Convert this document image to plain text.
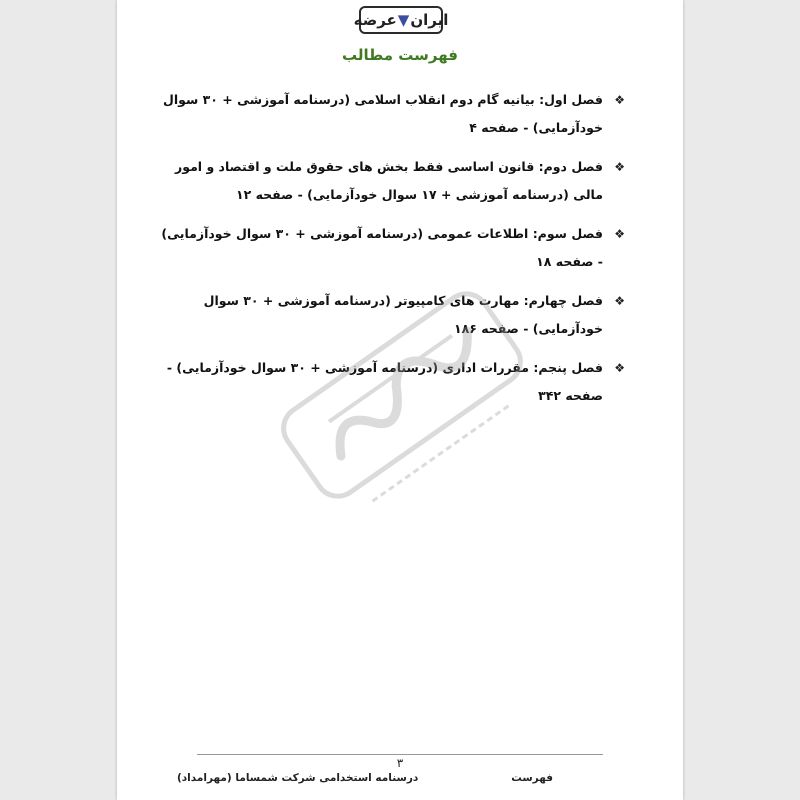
ایران
▼
عرضه
فهرست مطالب
❖
فصل اول: بیانیه گام دوم انقلاب اسلامی (درسنامه آموزشی + ۳۰ سوال خودآزمایی) - صفحه ۴
❖
فصل دوم: قانون اساسی فقط بخش های حقوق ملت و اقتصاد و امور مالی (درسنامه آموزشی + ۱۷ سوال خودآزمایی) - صفحه ۱۲
❖
فصل سوم: اطلاعات عمومی (درسنامه آموزشی + ۳۰ سوال خودآزمایی) - صفحه ۱۸
❖
فصل چهارم: مهارت های کامپیوتر (درسنامه آموزشی + ۳۰ سوال خودآزمایی) - صفحه ۱۸۶
❖
فصل پنجم: مقررات اداری (درسنامه آموزشی + ۳۰ سوال خودآزمایی) - صفحه ۳۴۲
۳
درسنامه استخدامی شرکت شمساما (مهرامداد)	فهرست
